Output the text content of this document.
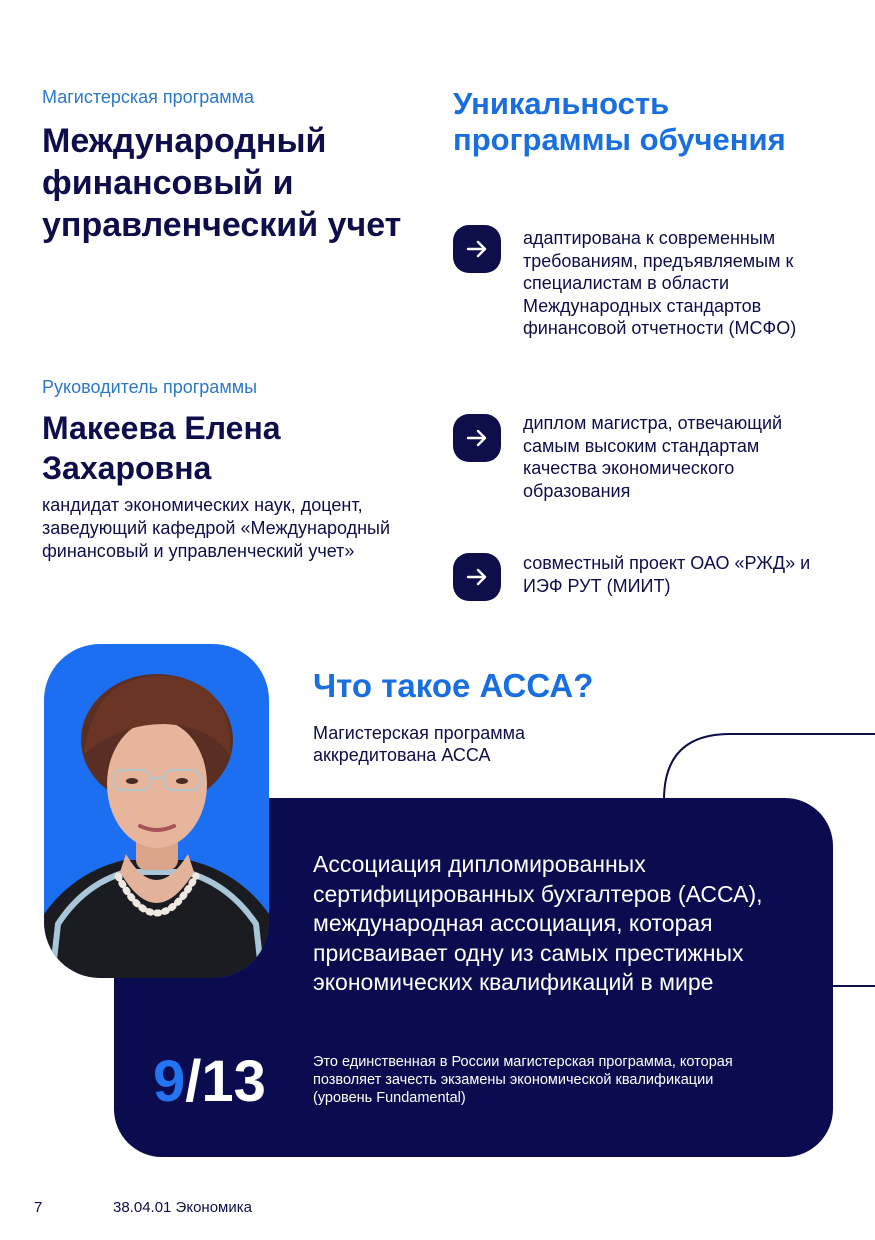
Магистерская программа
Международный финансовый и управленческий учет
Руководитель программы
Макеева Елена Захаровна
кандидат экономических наук, доцент, заведующий кафедрой «Международный финансовый и управленческий учет»
Уникальность программы обучения
адаптирована к современным требованиям, предъявляемым к специалистам в области Международных стандартов финансовой отчетности (МСФО)
диплом магистра, отвечающий самым высоким стандартам качества экономического образования
совместный проект ОАО «РЖД» и ИЭФ РУТ (МИИТ)
Что такое АССА?
Магистерская программа аккредитована АССА
Ассоциация дипломированных сертифицированных бухгалтеров (АССА), международная ассоциация, которая присваивает одну из самых престижных экономических квалификаций в мире
9/13	Это единственная в России магистерская программа, которая позволяет зачесть экзамены экономической квалификации (уровень Fundamental)
7	38.04.01 Экономика
